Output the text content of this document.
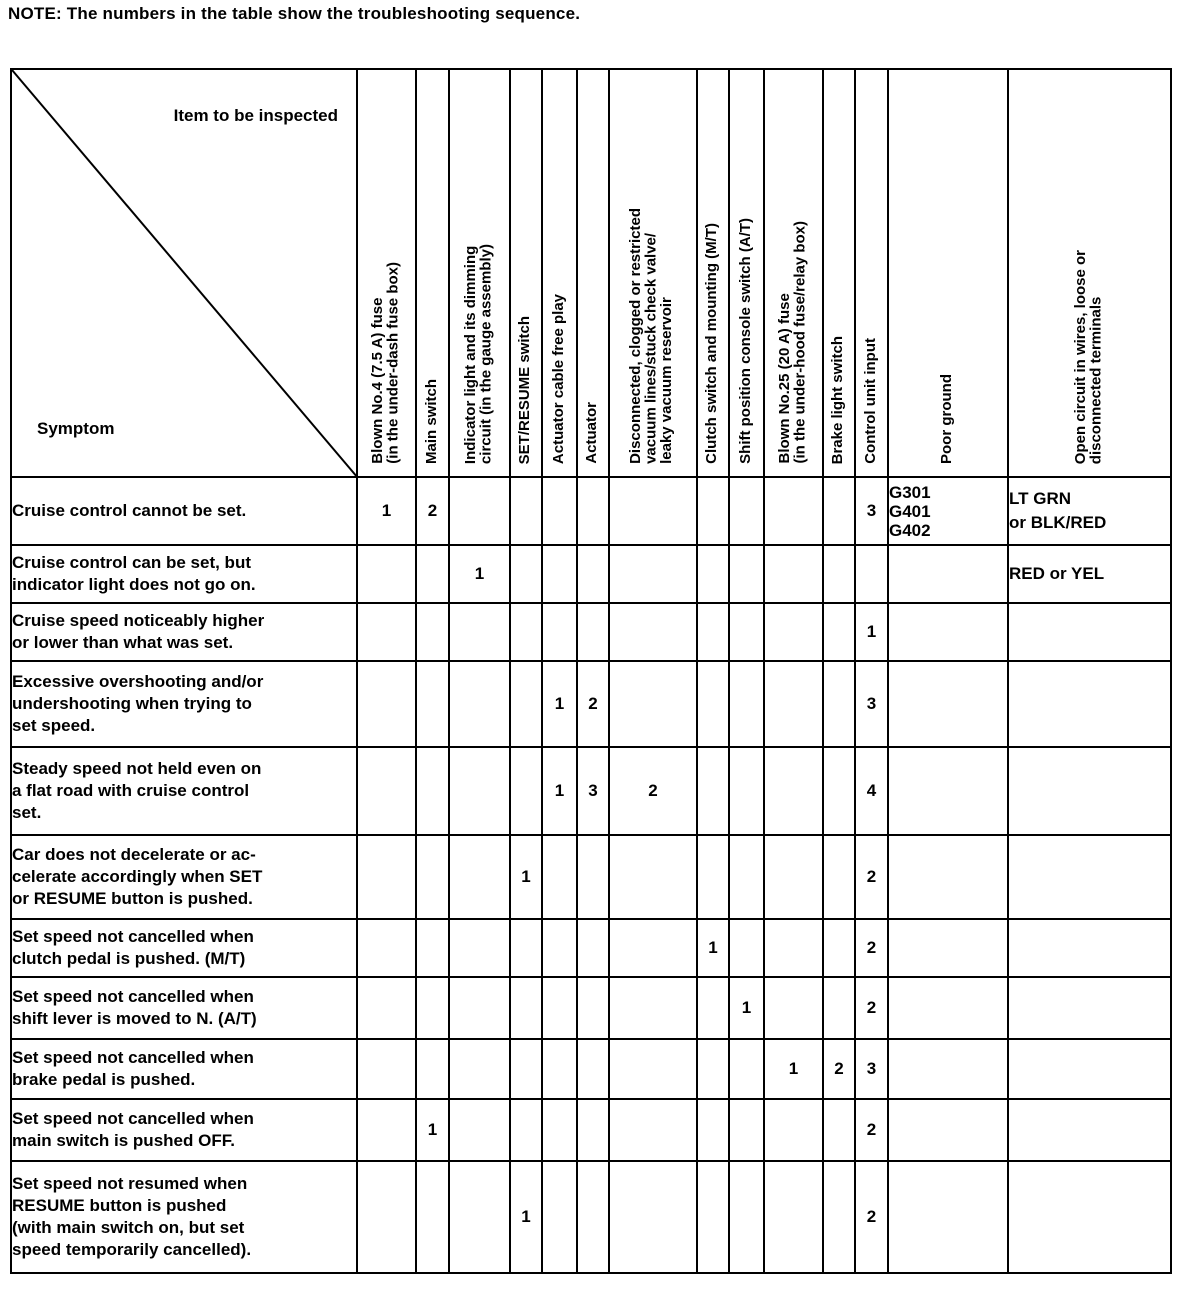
NOTE: The numbers in the table show the troubleshooting sequence.
Item to be inspected
Symptom	Blown No.4 (7.5 A) fuse
(in the under-dash fuse box)	Main switch	Indicator light and its dimming
circuit (in the gauge assembly)	SET/RESUME switch	Actuator cable free play	Actuator	Disconnected, clogged or restricted
vacuum lines/stuck check valve/
leaky vacuum reservoir	Clutch switch and mounting (M/T)	Shift position console switch (A/T)	Blown No.25 (20 A) fuse
(in the under-hood fuse/relay box)	Brake light switch	Control unit input	Poor ground	Open circuit in wires, loose or
disconnected terminals

Cruise control cannot be set.	1	2										3	G301
G401
G402	LT GRN
or BLK/RED
Cruise control can be set, but
indicator light does not go on.			1											RED or YEL
Cruise speed noticeably higher
or lower than what was set.												1		
Excessive overshooting and/or
undershooting when trying to
set speed.					1	2						3		
Steady speed not held even on
a flat road with cruise control
set.					1	3	2					4		
Car does not decelerate or ac-
celerate accordingly when SET
or RESUME button is pushed.				1								2		
Set speed not cancelled when
clutch pedal is pushed. (M/T)								1				2		
Set speed not cancelled when
shift lever is moved to N. (A/T)									1			2		
Set speed not cancelled when
brake pedal is pushed.										1	2	3		
Set speed not cancelled when
main switch is pushed OFF.		1										2		
Set speed not resumed when
RESUME button is pushed
(with main switch on, but set
speed temporarily cancelled).				1								2		
